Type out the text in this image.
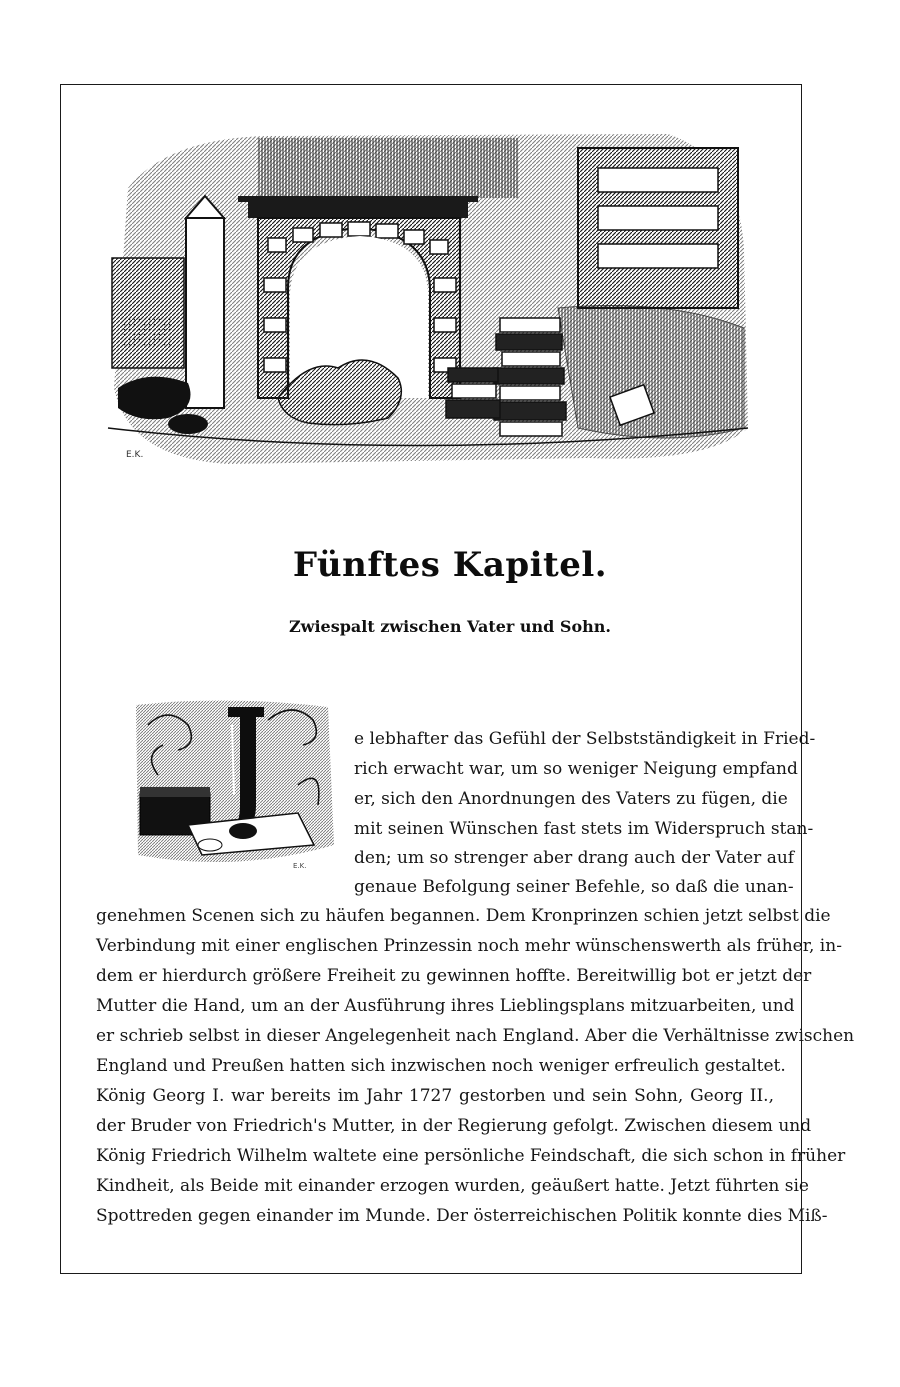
E.K.
Fünftes Kapitel.
Zwiespalt zwischen Vater und Sohn.
E.K.
e lebhafter das Gefühl der Selbstständigkeit in Fried-
rich erwacht war, um so weniger Neigung empfand
er, sich den Anordnungen des Vaters zu fügen, die
mit seinen Wünschen fast stets im Widerspruch stan-
den; um so strenger aber drang auch der Vater auf
genaue Befolgung seiner Befehle, so daß die unan-
genehmen Scenen sich zu häufen begannen. Dem Kronprinzen schien jetzt selbst die
Verbindung mit einer englischen Prinzessin noch mehr wünschenswerth als früher, in-
dem er hierdurch größere Freiheit zu gewinnen hoffte. Bereitwillig bot er jetzt der
Mutter die Hand, um an der Ausführung ihres Lieblingsplans mitzuarbeiten, und
er schrieb selbst in dieser Angelegenheit nach England. Aber die Verhältnisse zwischen
England und Preußen hatten sich inzwischen noch weniger erfreulich gestaltet.
König Georg I. war bereits im Jahr 1727 gestorben und sein Sohn, Georg II.,
der Bruder von Friedrich's Mutter, in der Regierung gefolgt. Zwischen diesem und
König Friedrich Wilhelm waltete eine persönliche Feindschaft, die sich schon in früher
Kindheit, als Beide mit einander erzogen wurden, geäußert hatte. Jetzt führten sie
Spottreden gegen einander im Munde. Der österreichischen Politik konnte dies Miß-
